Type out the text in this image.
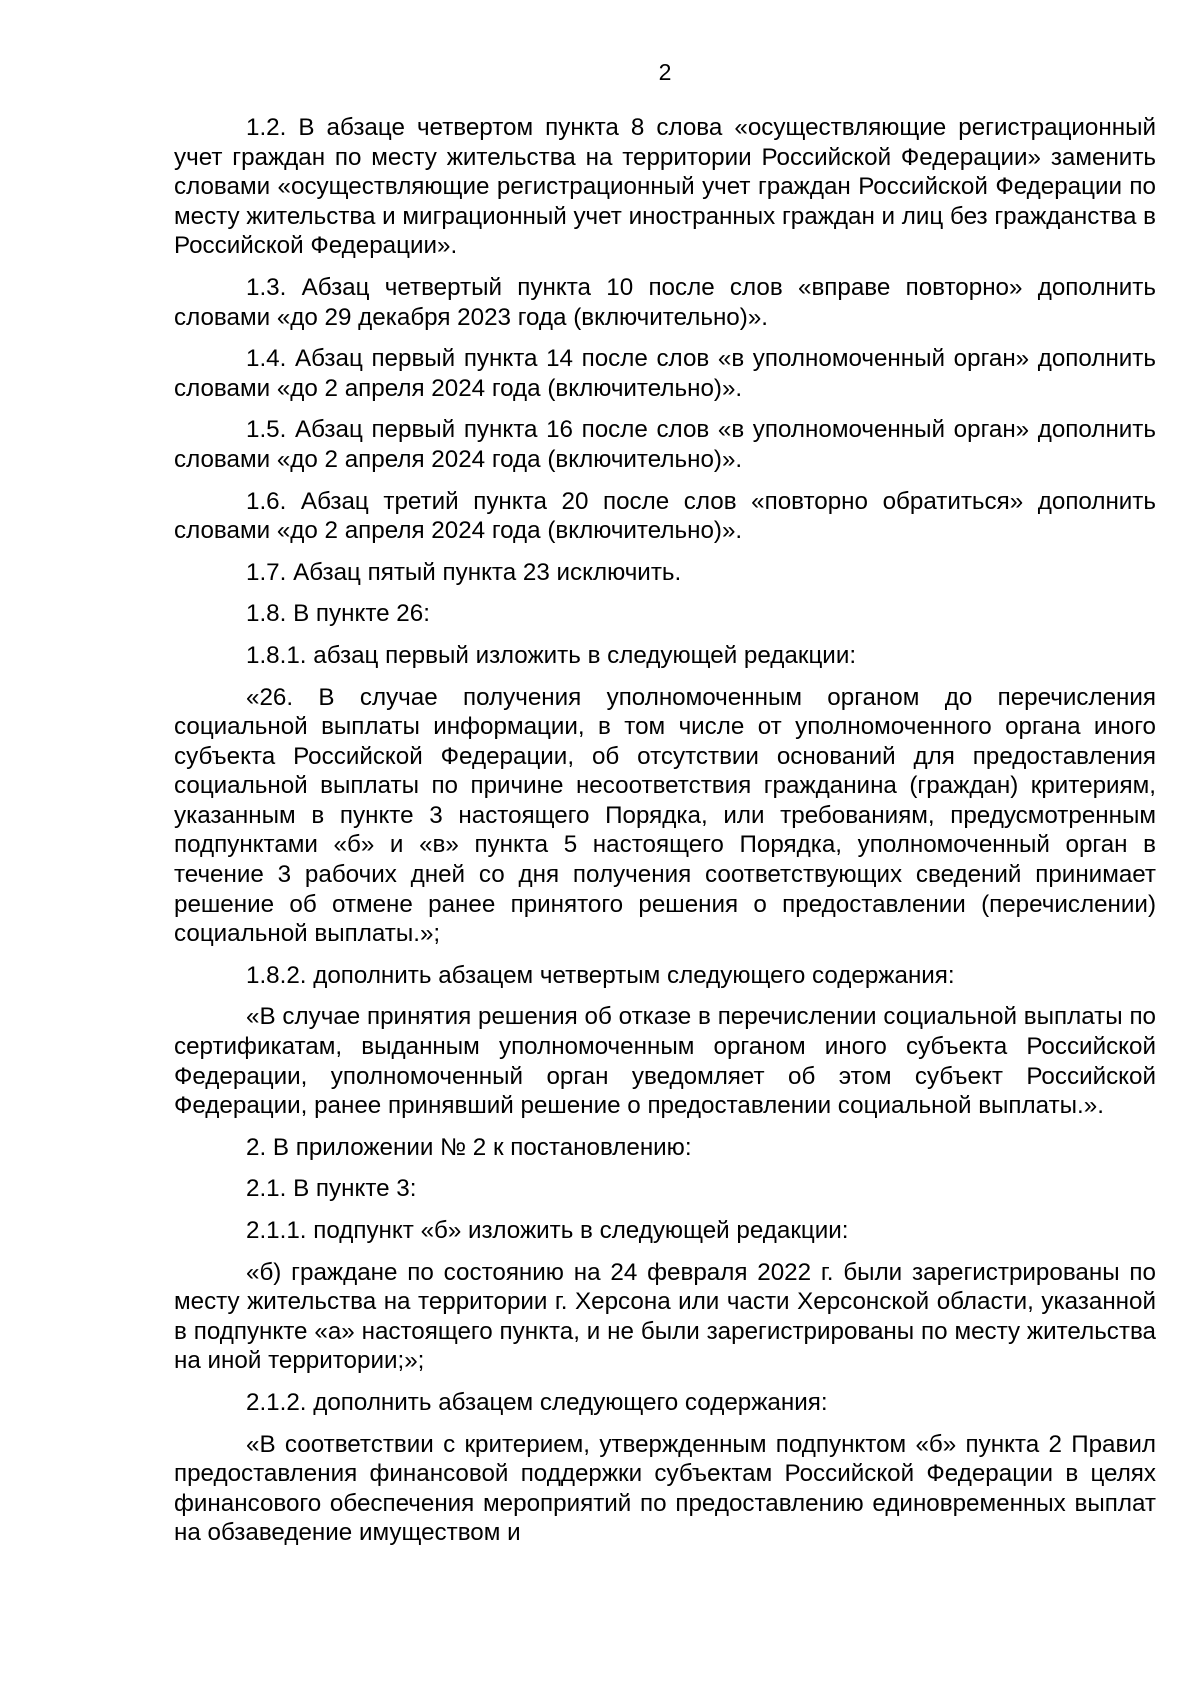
2

1.2. В абзаце четвертом пункта 8 слова «осуществляющие регистрационный учет граждан по месту жительства на территории Российской Федерации» заменить словами «осуществляющие регистрационный учет граждан Российской Федерации по месту жительства и миграционный учет иностранных граждан и лиц без гражданства в Российской Федерации».

1.3. Абзац четвертый пункта 10 после слов «вправе повторно» дополнить словами «до 29 декабря 2023 года (включительно)».

1.4. Абзац первый пункта 14 после слов «в уполномоченный орган» дополнить словами «до 2 апреля 2024 года (включительно)».

1.5. Абзац первый пункта 16 после слов «в уполномоченный орган» дополнить словами «до 2 апреля 2024 года (включительно)».

1.6. Абзац третий пункта 20 после слов «повторно обратиться» дополнить словами «до 2 апреля 2024 года (включительно)».

1.7. Абзац пятый пункта 23 исключить.

1.8. В пункте 26:

1.8.1. абзац первый изложить в следующей редакции:

«26. В случае получения уполномоченным органом до перечисления социальной выплаты информации, в том числе от уполномоченного органа иного субъекта Российской Федерации, об отсутствии оснований для предоставления социальной выплаты по причине несоответствия гражданина (граждан) критериям, указанным в пункте 3 настоящего Порядка, или требованиям, предусмотренным подпунктами «б» и «в» пункта 5 настоящего Порядка, уполномоченный орган в течение 3 рабочих дней со дня получения соответствующих сведений принимает решение об отмене ранее принятого решения о предоставлении (перечислении) социальной выплаты.»;

1.8.2. дополнить абзацем четвертым следующего содержания:

«В случае принятия решения об отказе в перечислении социальной выплаты по сертификатам, выданным уполномоченным органом иного субъекта Российской Федерации, уполномоченный орган уведомляет об этом субъект Российской Федерации, ранее принявший решение о предоставлении социальной выплаты.».

2. В приложении № 2 к постановлению:

2.1. В пункте 3:

2.1.1. подпункт «б» изложить в следующей редакции:

«б) граждане по состоянию на 24 февраля 2022 г. были зарегистрированы по месту жительства на территории г. Херсона или части Херсонской области, указанной в подпункте «а» настоящего пункта, и не были зарегистрированы по месту жительства на иной территории;»;

2.1.2. дополнить абзацем следующего содержания:

«В соответствии с критерием, утвержденным подпунктом «б» пункта 2 Правил предоставления финансовой поддержки субъектам Российской Федерации в целях финансового обеспечения мероприятий по предоставлению единовременных выплат на обзаведение имуществом и
